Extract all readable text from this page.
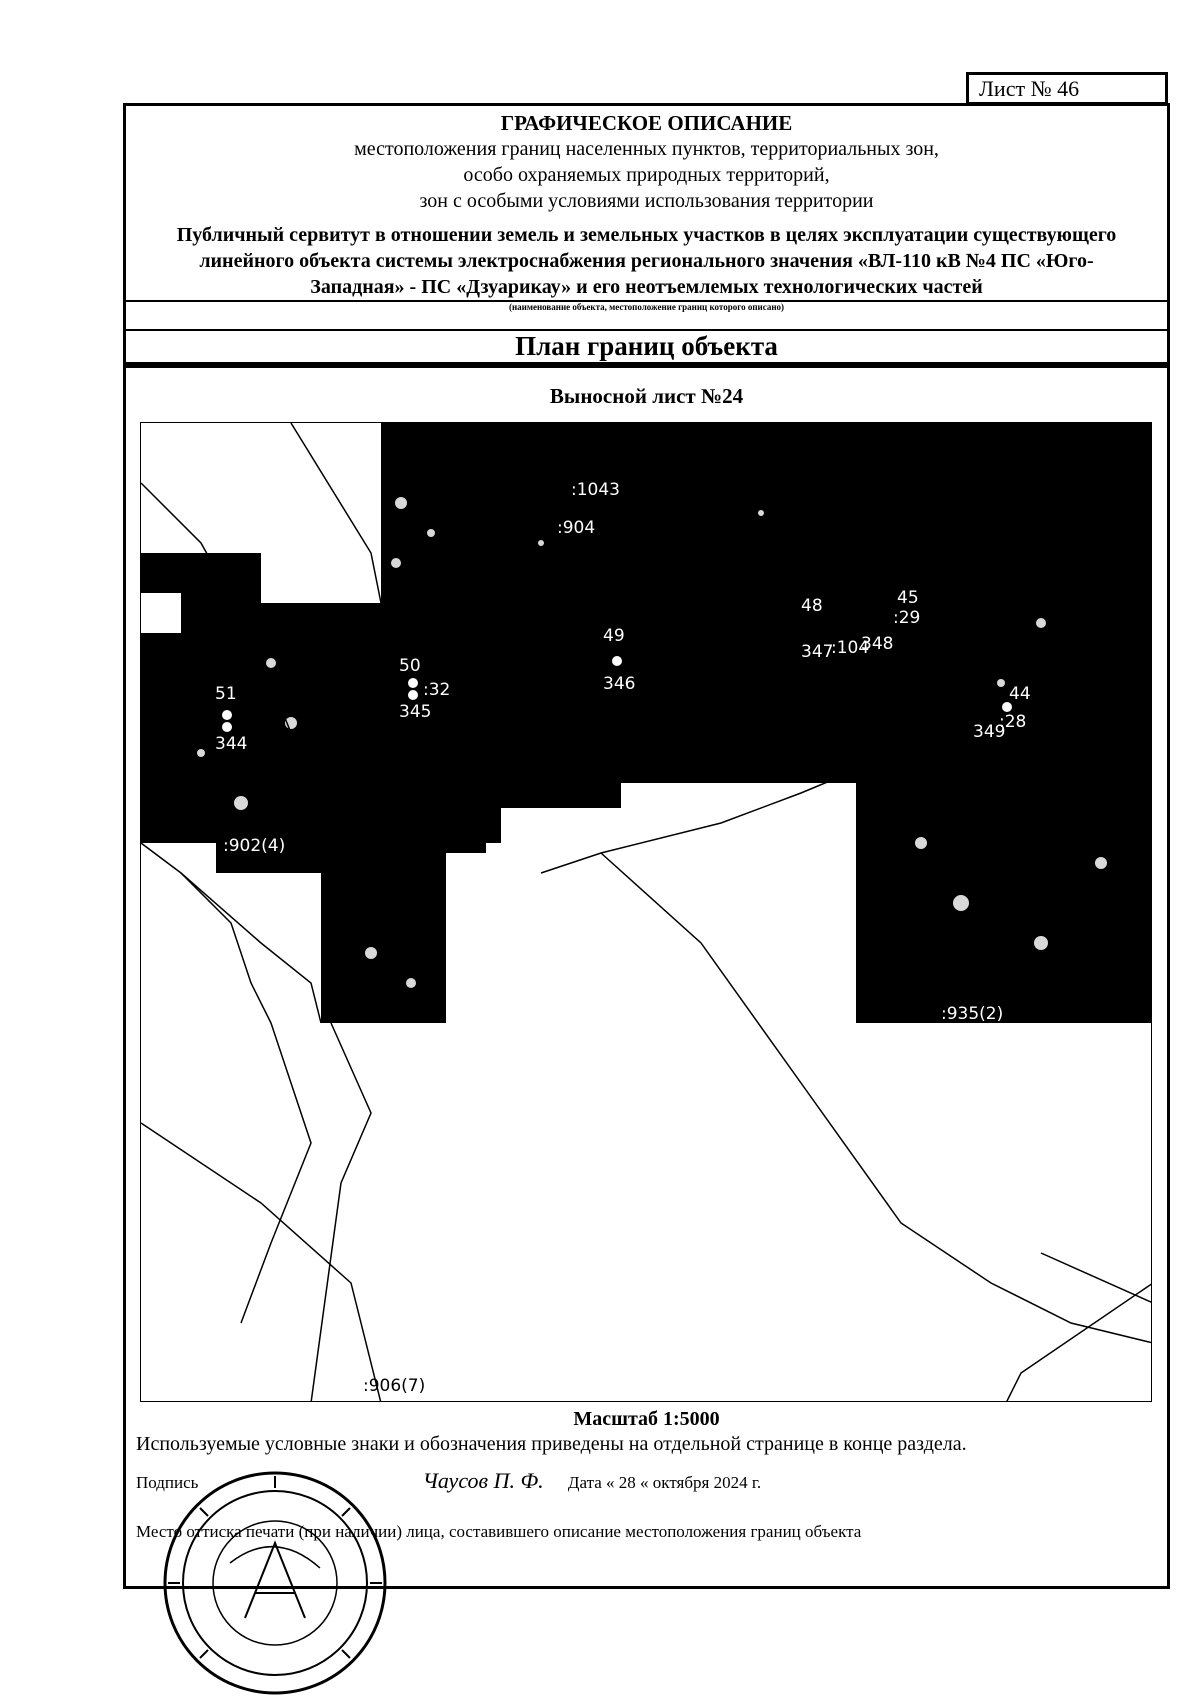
Лист № 46
ГРАФИЧЕСКОЕ ОПИСАНИЕ
местоположения границ населенных пунктов, территориальных зон,
особо охраняемых природных территорий,
зон с особыми условиями использования территории
Публичный сервитут в отношении земель и земельных участков в целях эксплуатации существующего линейного объекта системы электроснабжения регионального значения «ВЛ-110 кВ №4 ПС «Юго-Западная» - ПС «Дзуарикау» и его неотъемлемых технологических частей
(наименование объекта, местоположение границ которого описано)
План границ объекта
Выносной лист №24
:1043
:904
:32
:902(4)
:104
:29
:28
:935(2)
51
344
50
345
49
346
48
347
45
348
44
349
:906(7)
Масштаб 1:5000
Используемые условные знаки и обозначения приведены на отдельной странице в конце раздела.
Подпись	Чаусов П. Ф. Дата « 28 « октября 2024 г.
Место оттиска печати (при наличии) лица, составившего описание местоположения границ объекта
